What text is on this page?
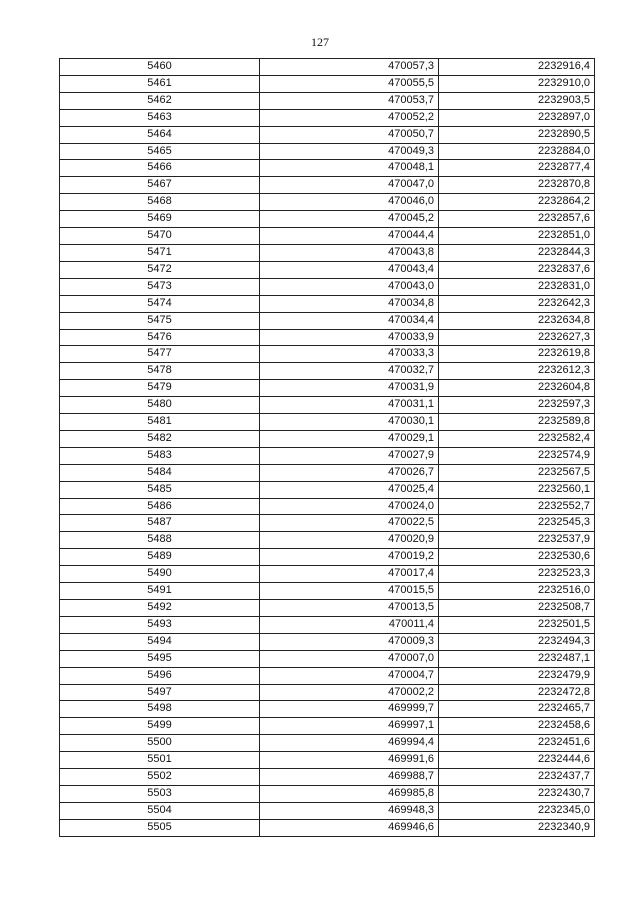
127
5460	470057,3	2232916,4
5461	470055,5	2232910,0
5462	470053,7	2232903,5
5463	470052,2	2232897,0
5464	470050,7	2232890,5
5465	470049,3	2232884,0
5466	470048,1	2232877,4
5467	470047,0	2232870,8
5468	470046,0	2232864,2
5469	470045,2	2232857,6
5470	470044,4	2232851,0
5471	470043,8	2232844,3
5472	470043,4	2232837,6
5473	470043,0	2232831,0
5474	470034,8	2232642,3
5475	470034,4	2232634,8
5476	470033,9	2232627,3
5477	470033,3	2232619,8
5478	470032,7	2232612,3
5479	470031,9	2232604,8
5480	470031,1	2232597,3
5481	470030,1	2232589,8
5482	470029,1	2232582,4
5483	470027,9	2232574,9
5484	470026,7	2232567,5
5485	470025,4	2232560,1
5486	470024,0	2232552,7
5487	470022,5	2232545,3
5488	470020,9	2232537,9
5489	470019,2	2232530,6
5490	470017,4	2232523,3
5491	470015,5	2232516,0
5492	470013,5	2232508,7
5493	470011,4	2232501,5
5494	470009,3	2232494,3
5495	470007,0	2232487,1
5496	470004,7	2232479,9
5497	470002,2	2232472,8
5498	469999,7	2232465,7
5499	469997,1	2232458,6
5500	469994,4	2232451,6
5501	469991,6	2232444,6
5502	469988,7	2232437,7
5503	469985,8	2232430,7
5504	469948,3	2232345,0
5505	469946,6	2232340,9
